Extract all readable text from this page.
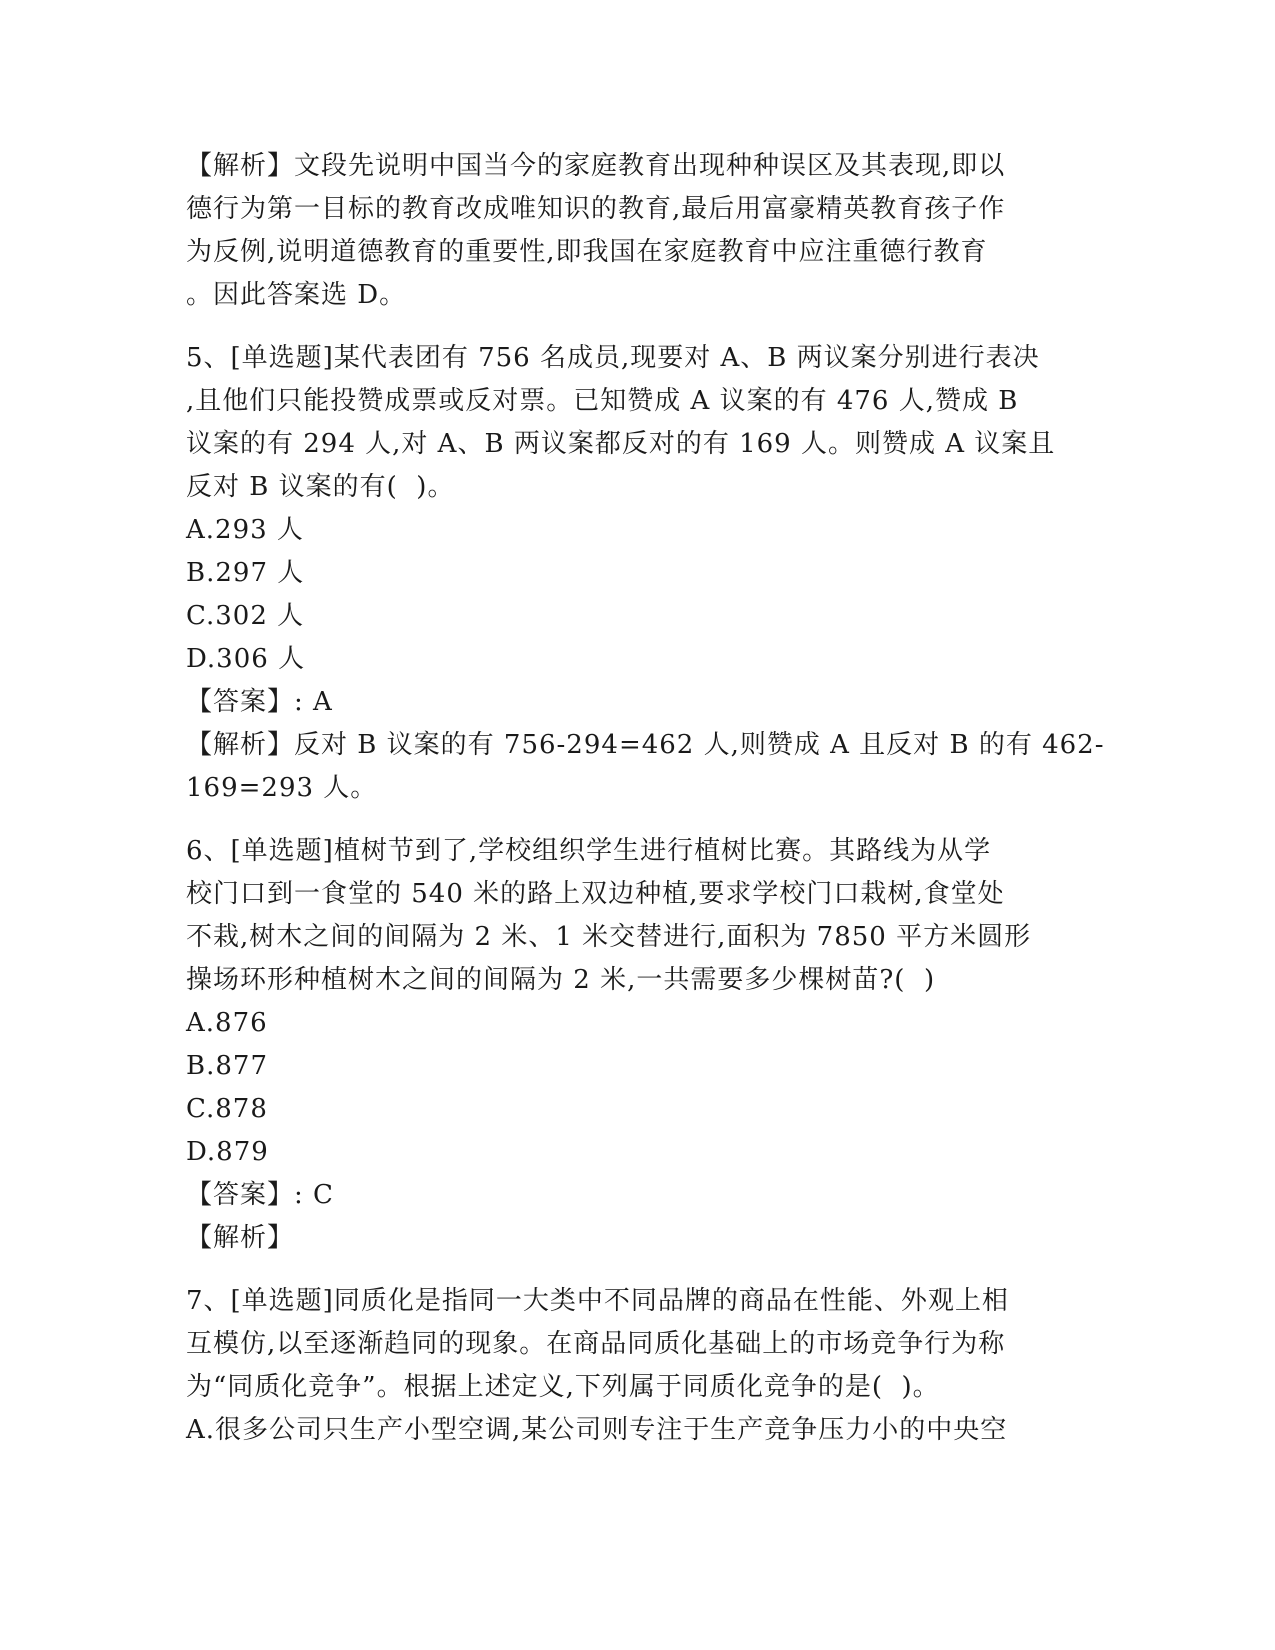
【解析】文段先说明中国当今的家庭教育出现种种误区及其表现,即以
德行为第一目标的教育改成唯知识的教育,最后用富豪精英教育孩子作
为反例,说明道德教育的重要性,即我国在家庭教育中应注重德行教育
。因此答案选 D。
5、[单选题]某代表团有 756 名成员,现要对 A、B 两议案分别进行表决
,且他们只能投赞成票或反对票。已知赞成 A 议案的有 476 人,赞成 B
议案的有 294 人,对 A、B 两议案都反对的有 169 人。则赞成 A 议案且
反对 B 议案的有(  )。
A.293 人
B.297 人
C.302 人
D.306 人
【答案】: A
【解析】反对 B 议案的有 756-294=462 人,则赞成 A 且反对 B 的有 462-
169=293 人。
6、[单选题]植树节到了,学校组织学生进行植树比赛。其路线为从学
校门口到一食堂的 540 米的路上双边种植,要求学校门口栽树,食堂处
不栽,树木之间的间隔为 2 米、1 米交替进行,面积为 7850 平方米圆形
操场环形种植树木之间的间隔为 2 米,一共需要多少棵树苗?(  )
A.876
B.877
C.878
D.879
【答案】: C
【解析】
7、[单选题]同质化是指同一大类中不同品牌的商品在性能、外观上相
互模仿,以至逐渐趋同的现象。在商品同质化基础上的市场竞争行为称
为“同质化竞争”。根据上述定义,下列属于同质化竞争的是(  )。
A.很多公司只生产小型空调,某公司则专注于生产竞争压力小的中央空
